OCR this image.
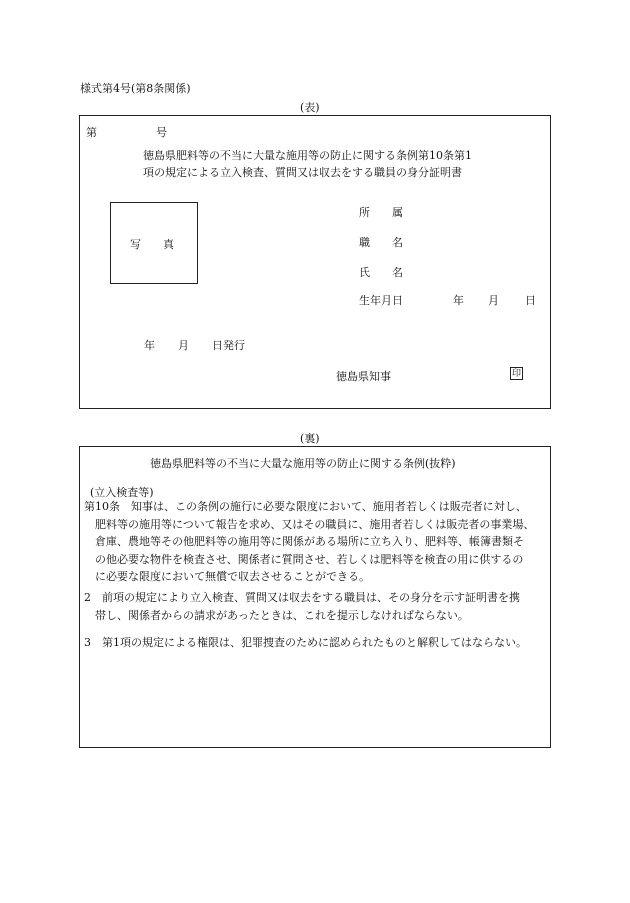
様式第4号(第8条関係)
(表)
第	号
徳島県肥料等の不当に大量な施用等の防止に関する条例第10条第1
項の規定による立入検査、質問又は収去をする職員の身分証明書
写　　真
所　　属
職　　名
氏　　名
生年月日	年 月 日
年 月 日発行
徳島県知事	印
(裏)
徳島県肥料等の不当に大量な施用等の防止に関する条例(抜粋)
(立入検査等)
第10条　知事は、この条例の施行に必要な限度において、施用者若しくは販売者に対し、
肥料等の施用等について報告を求め、又はその職員に、施用者若しくは販売者の事業場、
倉庫、農地等その他肥料等の施用等に関係がある場所に立ち入り、肥料等、帳簿書類そ
の他必要な物件を検査させ、関係者に質問させ、若しくは肥料等を検査の用に供するの
に必要な限度において無償で収去させることができる。
2　前項の規定により立入検査、質問又は収去をする職員は、その身分を示す証明書を携
帯し、関係者からの請求があったときは、これを提示しなければならない。
3　第1項の規定による権限は、犯罪捜査のために認められたものと解釈してはならない。
